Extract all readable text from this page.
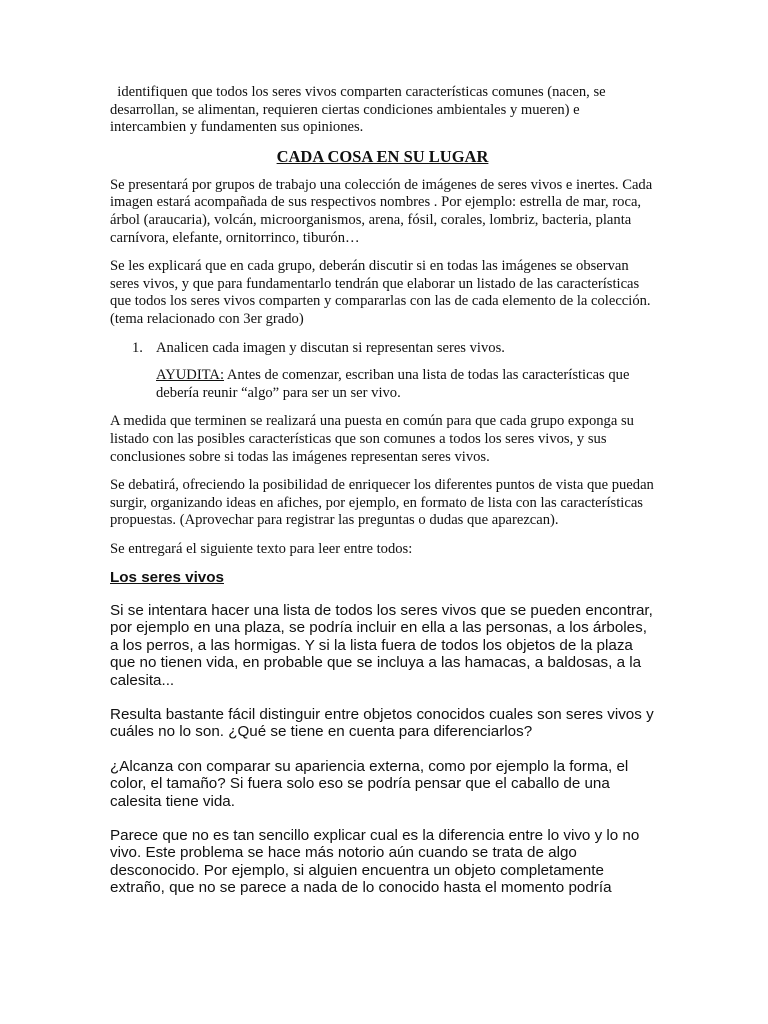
identifiquen que todos los seres vivos comparten características comunes (nacen, se desarrollan, se alimentan, requieren ciertas condiciones ambientales y mueren) e intercambien y fundamenten sus opiniones.

CADA COSA EN SU LUGAR

Se presentará por grupos de trabajo una colección de imágenes de seres vivos e inertes. Cada imagen estará acompañada de sus respectivos nombres . Por ejemplo: estrella de mar, roca, árbol (araucaria), volcán, microorganismos, arena, fósil, corales, lombriz, bacteria, planta carnívora, elefante, ornitorrinco, tiburón…

Se les explicará que en cada grupo, deberán discutir si en todas las imágenes se observan seres vivos, y que para fundamentarlo tendrán que elaborar un listado de las características que todos los seres vivos comparten y compararlas con las de cada elemento de la colección. (tema relacionado con 3er grado)

1. Analicen cada imagen y discutan si representan seres vivos.

AYUDITA: Antes de comenzar, escriban una lista de todas las características que debería reunir “algo” para ser un ser vivo.

A medida que terminen se realizará una puesta en común para que cada grupo exponga su listado con las posibles características que son comunes a todos los seres vivos, y sus conclusiones sobre si todas las imágenes representan seres vivos.

Se debatirá, ofreciendo la posibilidad de enriquecer los diferentes puntos de vista que puedan surgir, organizando ideas en afiches, por ejemplo, en formato de lista con las características propuestas. (Aprovechar para registrar las preguntas o dudas que aparezcan).

Se entregará el siguiente texto para leer entre todos:

Los seres vivos

Si se intentara hacer una lista de todos los seres vivos que se pueden encontrar, por ejemplo en una plaza, se podría incluir en ella a las personas, a los árboles, a los perros, a las hormigas. Y si la lista fuera de todos los objetos de la plaza que no tienen vida, en probable que se incluya a las hamacas, a baldosas, a la calesita...

Resulta bastante fácil distinguir entre objetos conocidos cuales son seres vivos y cuáles no lo son. ¿Qué se tiene en cuenta para diferenciarlos?

¿Alcanza con comparar su apariencia externa, como por ejemplo la forma, el color, el tamaño? Si fuera solo eso se podría pensar que el caballo de una calesita tiene vida.

Parece que no es tan sencillo explicar cual es la diferencia entre lo vivo y lo no vivo. Este problema se hace más notorio aún cuando se trata de algo desconocido. Por ejemplo, si alguien encuentra un objeto completamente extraño, que no se parece a nada de lo conocido hasta el momento podría
